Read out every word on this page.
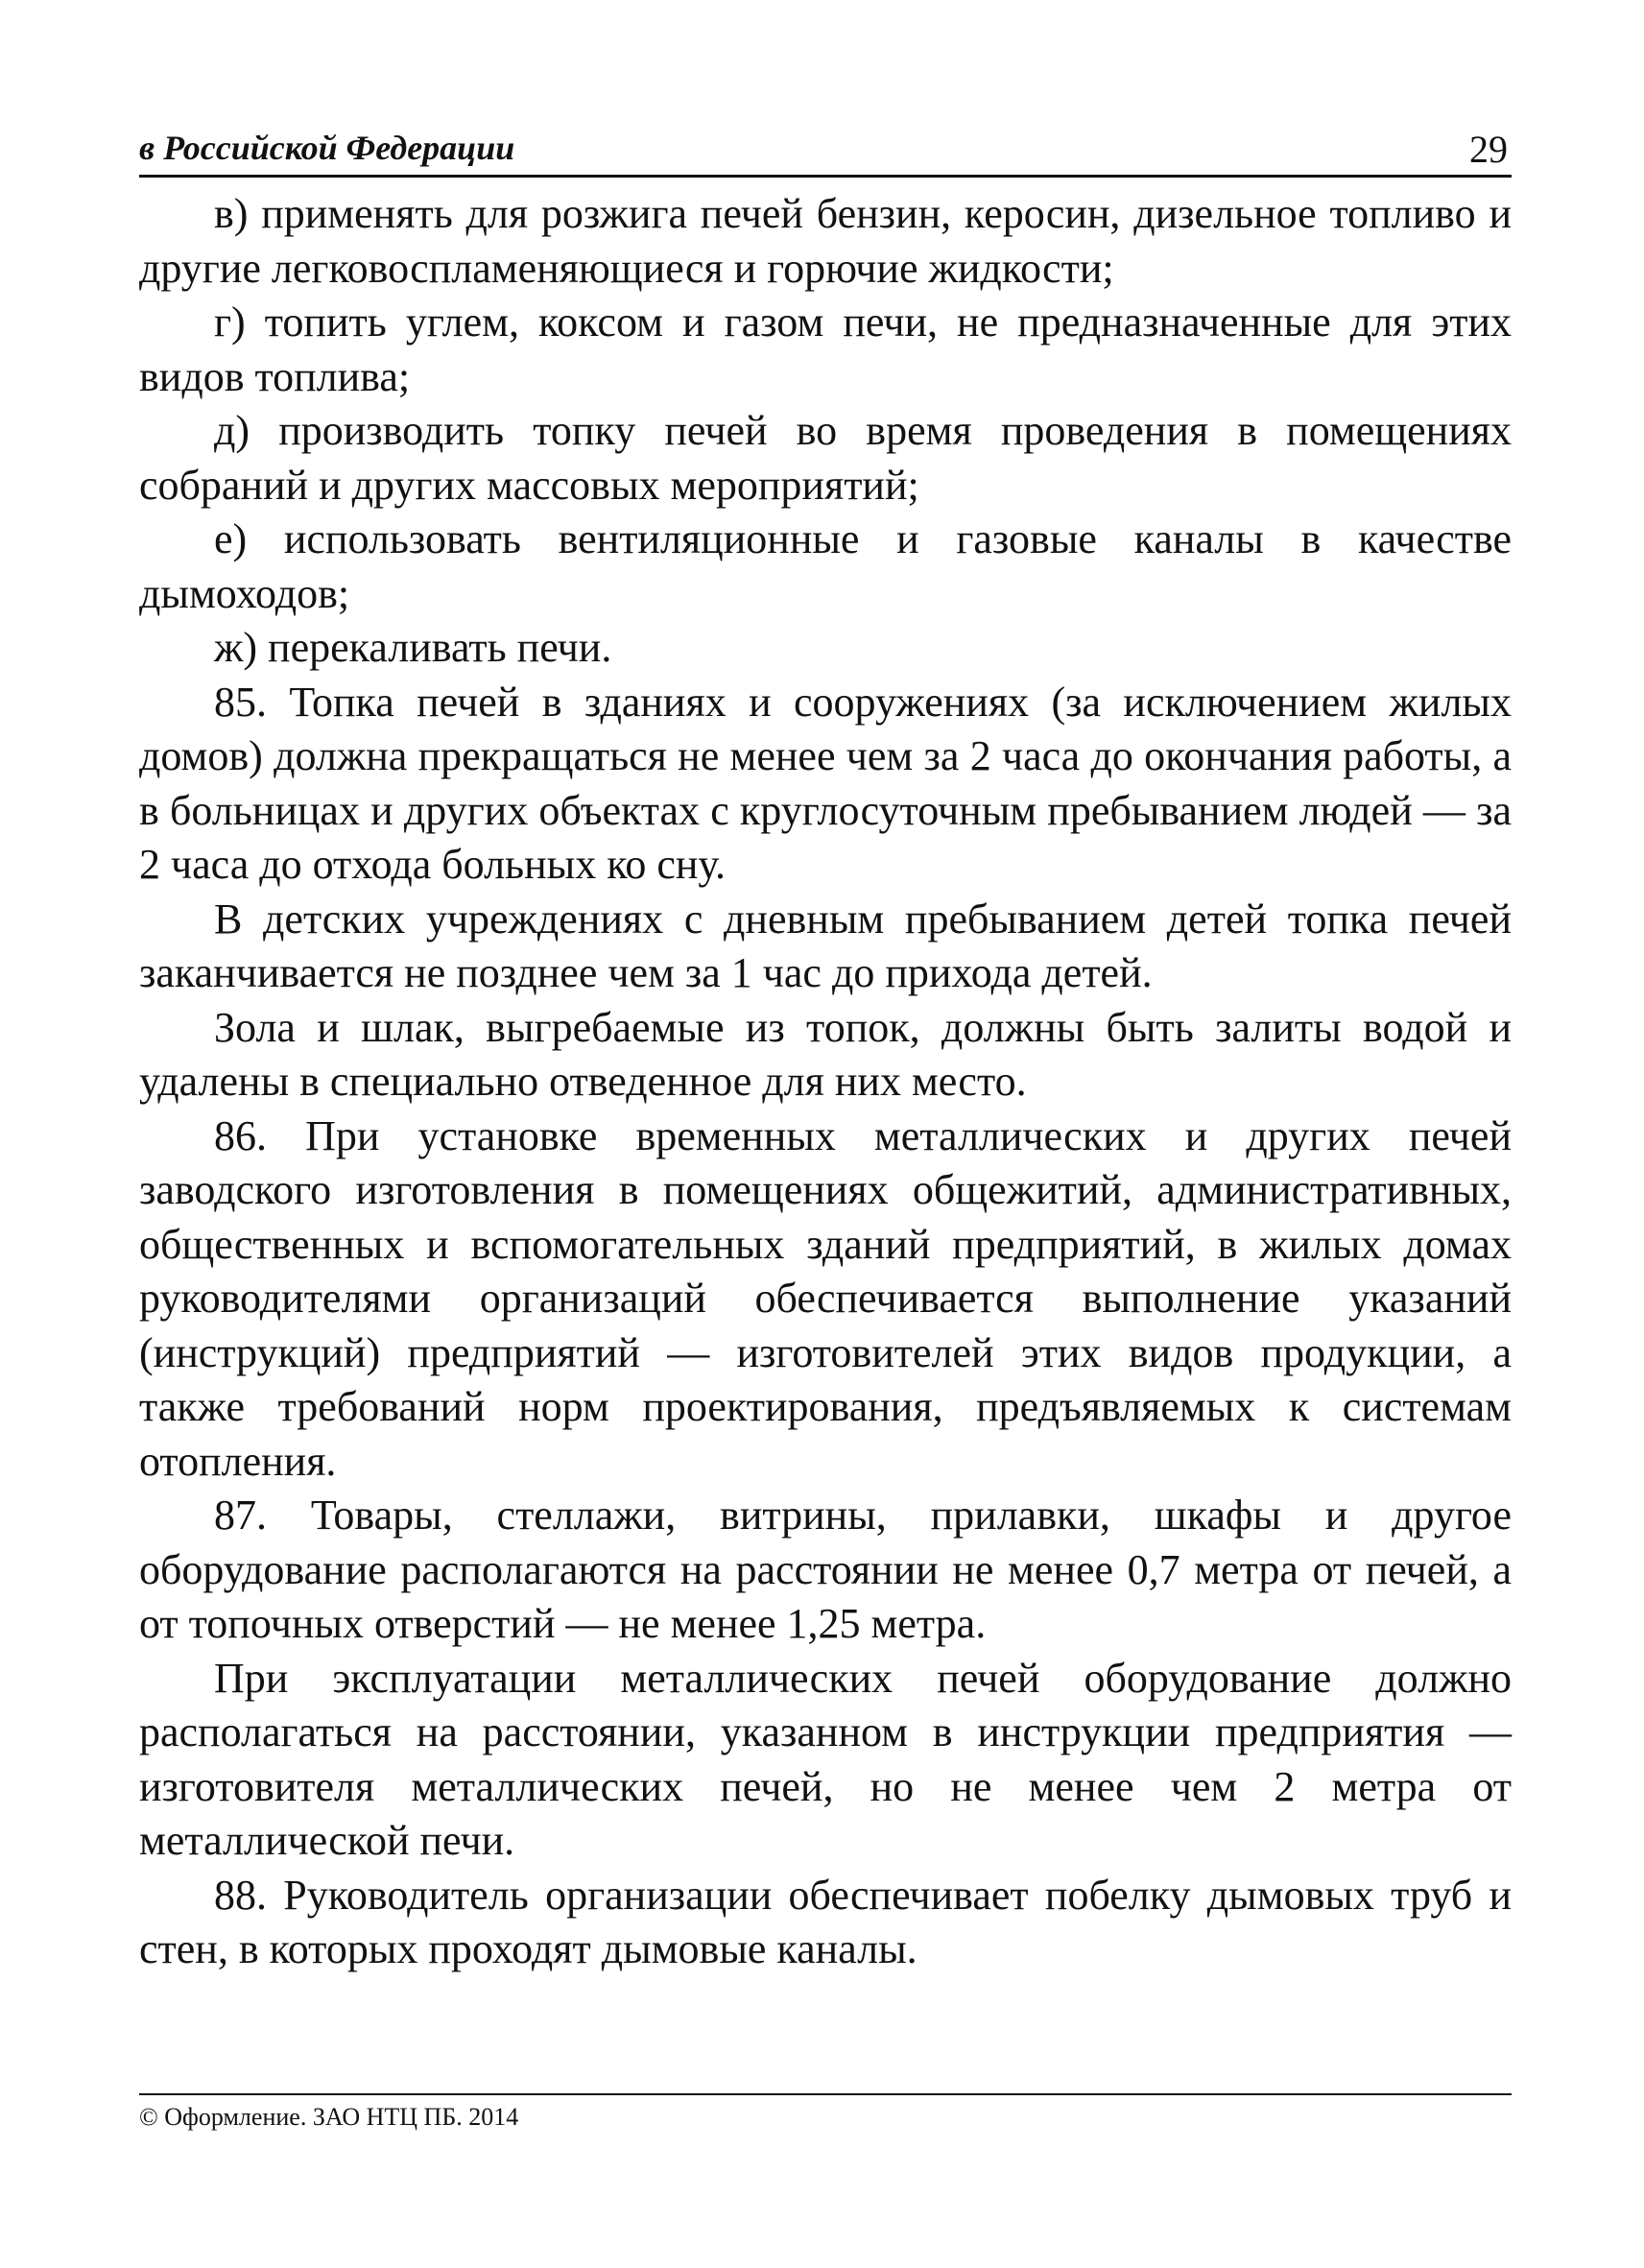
в Российской Федерации	29

в) применять для розжига печей бензин, керосин, дизельное топливо и другие легковоспламеняющиеся и горючие жидкости;

г) топить углем, коксом и газом печи, не предназначенные для этих видов топлива;

д) производить топку печей во время проведения в помещениях собраний и других массовых мероприятий;

е) использовать вентиляционные и газовые каналы в качестве дымоходов;

ж) перекаливать печи.

85. Топка печей в зданиях и сооружениях (за исключением жилых домов) должна прекращаться не менее чем за 2 часа до окончания работы, а в больницах и других объектах с круглосуточным пребыванием людей — за 2 часа до отхода больных ко сну.

В детских учреждениях с дневным пребыванием детей топка печей заканчивается не позднее чем за 1 час до прихода детей.

Зола и шлак, выгребаемые из топок, должны быть залиты водой и удалены в специально отведенное для них место.

86. При установке временных металлических и других печей заводского изготовления в помещениях общежитий, административных, общественных и вспомогательных зданий предприятий, в жилых домах руководителями организаций обеспечивается выполнение указаний (инструкций) предприятий — изготовителей этих видов продукции, а также требований норм проектирования, предъявляемых к системам отопления.

87. Товары, стеллажи, витрины, прилавки, шкафы и другое оборудование располагаются на расстоянии не менее 0,7 метра от печей, а от топочных отверстий — не менее 1,25 метра.

При эксплуатации металлических печей оборудование должно располагаться на расстоянии, указанном в инструкции предприятия — изготовителя металлических печей, но не менее чем 2 метра от металлической печи.

88. Руководитель организации обеспечивает побелку дымовых труб и стен, в которых проходят дымовые каналы.

© Оформление. ЗАО НТЦ ПБ. 2014
